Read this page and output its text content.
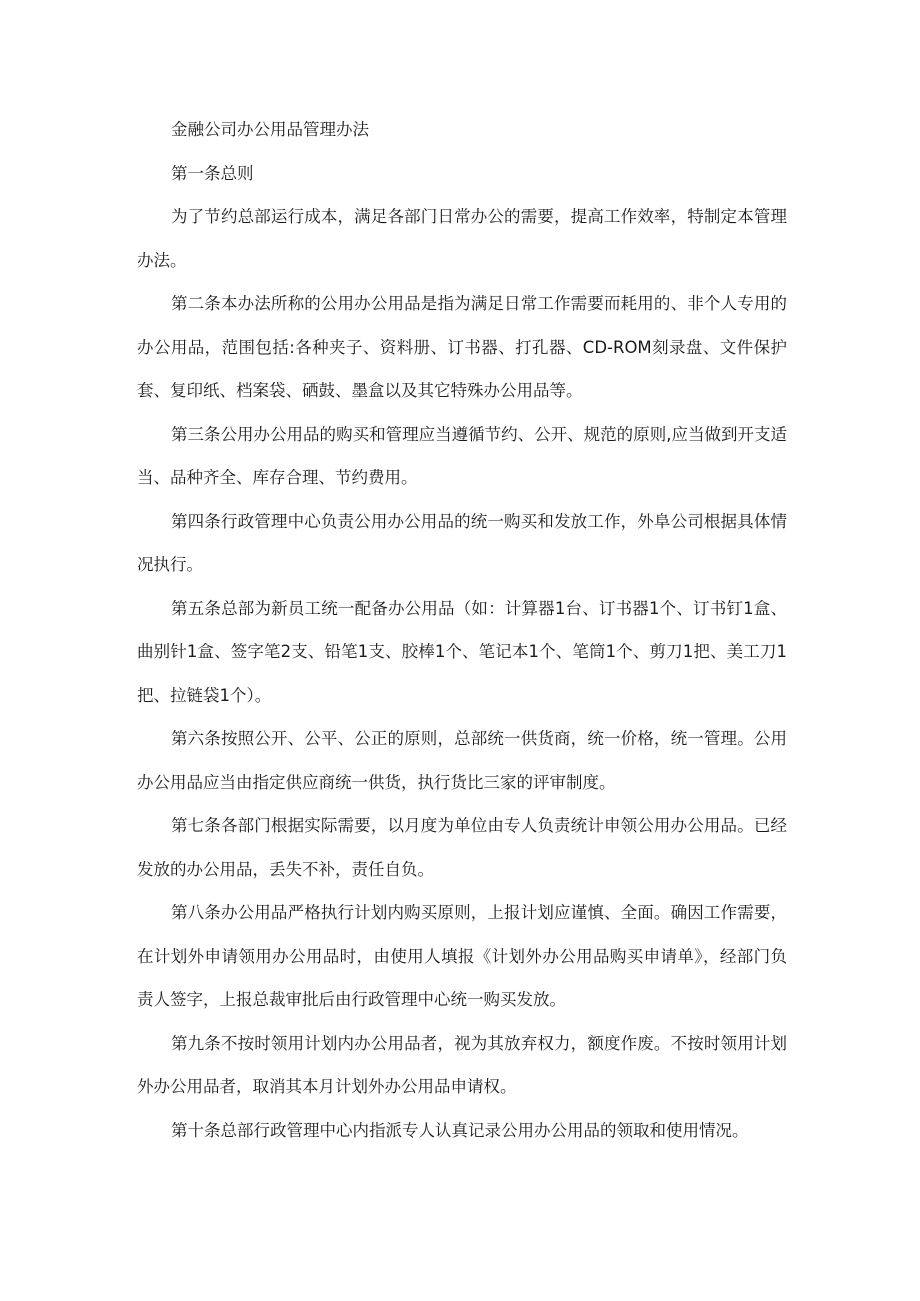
金融公司办公用品管理办法

第一条总则

为了节约总部运行成本，满足各部门日常办公的需要，提高工作效率，特制定本管理办法。

第二条本办法所称的公用办公用品是指为满足日常工作需要而耗用的、非个人专用的办公用品，范围包括:各种夹子、资料册、订书器、打孔器、CD-ROM刻录盘、文件保护套、复印纸、档案袋、硒鼓、墨盒以及其它特殊办公用品等。

第三条公用办公用品的购买和管理应当遵循节约、公开、规范的原则,应当做到开支适当、品种齐全、库存合理、节约费用。

第四条行政管理中心负责公用办公用品的统一购买和发放工作，外阜公司根据具体情况执行。

第五条总部为新员工统一配备办公用品（如：计算器1台、订书器1个、订书钉1盒、曲别针1盒、签字笔2支、铅笔1支、胶棒1个、笔记本1个、笔筒1个、剪刀1把、美工刀1把、拉链袋1个）。

第六条按照公开、公平、公正的原则，总部统一供货商，统一价格，统一管理。公用办公用品应当由指定供应商统一供货，执行货比三家的评审制度。

第七条各部门根据实际需要，以月度为单位由专人负责统计申领公用办公用品。已经发放的办公用品，丢失不补，责任自负。

第八条办公用品严格执行计划内购买原则，上报计划应谨慎、全面。确因工作需要，在计划外申请领用办公用品时，由使用人填报《计划外办公用品购买申请单》，经部门负责人签字，上报总裁审批后由行政管理中心统一购买发放。

第九条不按时领用计划内办公用品者，视为其放弃权力，额度作废。不按时领用计划外办公用品者，取消其本月计划外办公用品申请权。

第十条总部行政管理中心内指派专人认真记录公用办公用品的领取和使用情况。
